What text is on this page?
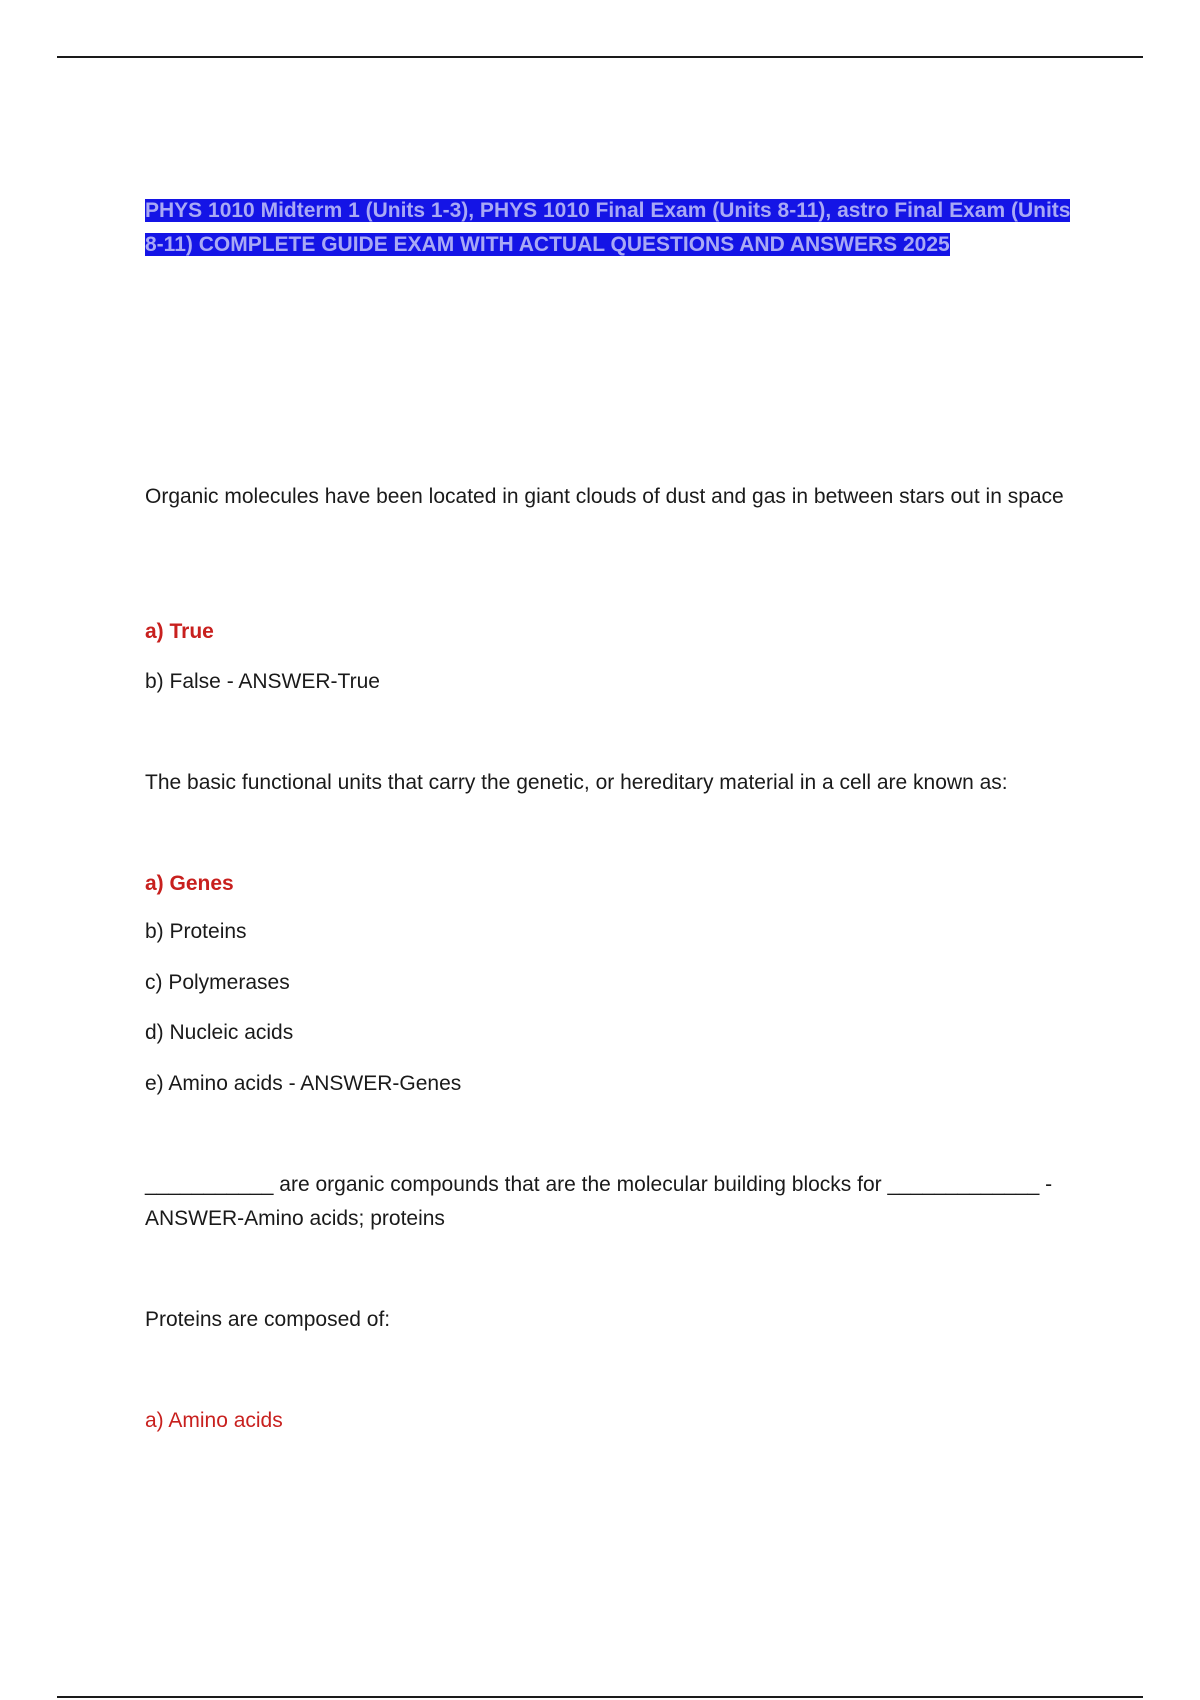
PHYS 1010 Midterm 1 (Units 1-3), PHYS 1010 Final Exam (Units 8-11), astro Final Exam (Units 8-11) COMPLETE GUIDE EXAM WITH ACTUAL QUESTIONS AND ANSWERS 2025

Organic molecules have been located in giant clouds of dust and gas in between stars out in space

a) True

b) False - ANSWER-True

The basic functional units that carry the genetic, or hereditary material in a cell are known as:

a) Genes

b) Proteins

c) Polymerases

d) Nucleic acids

e) Amino acids - ANSWER-Genes

___________ are organic compounds that are the molecular building blocks for _____________ - ANSWER-Amino acids; proteins

Proteins are composed of:

a) Amino acids
